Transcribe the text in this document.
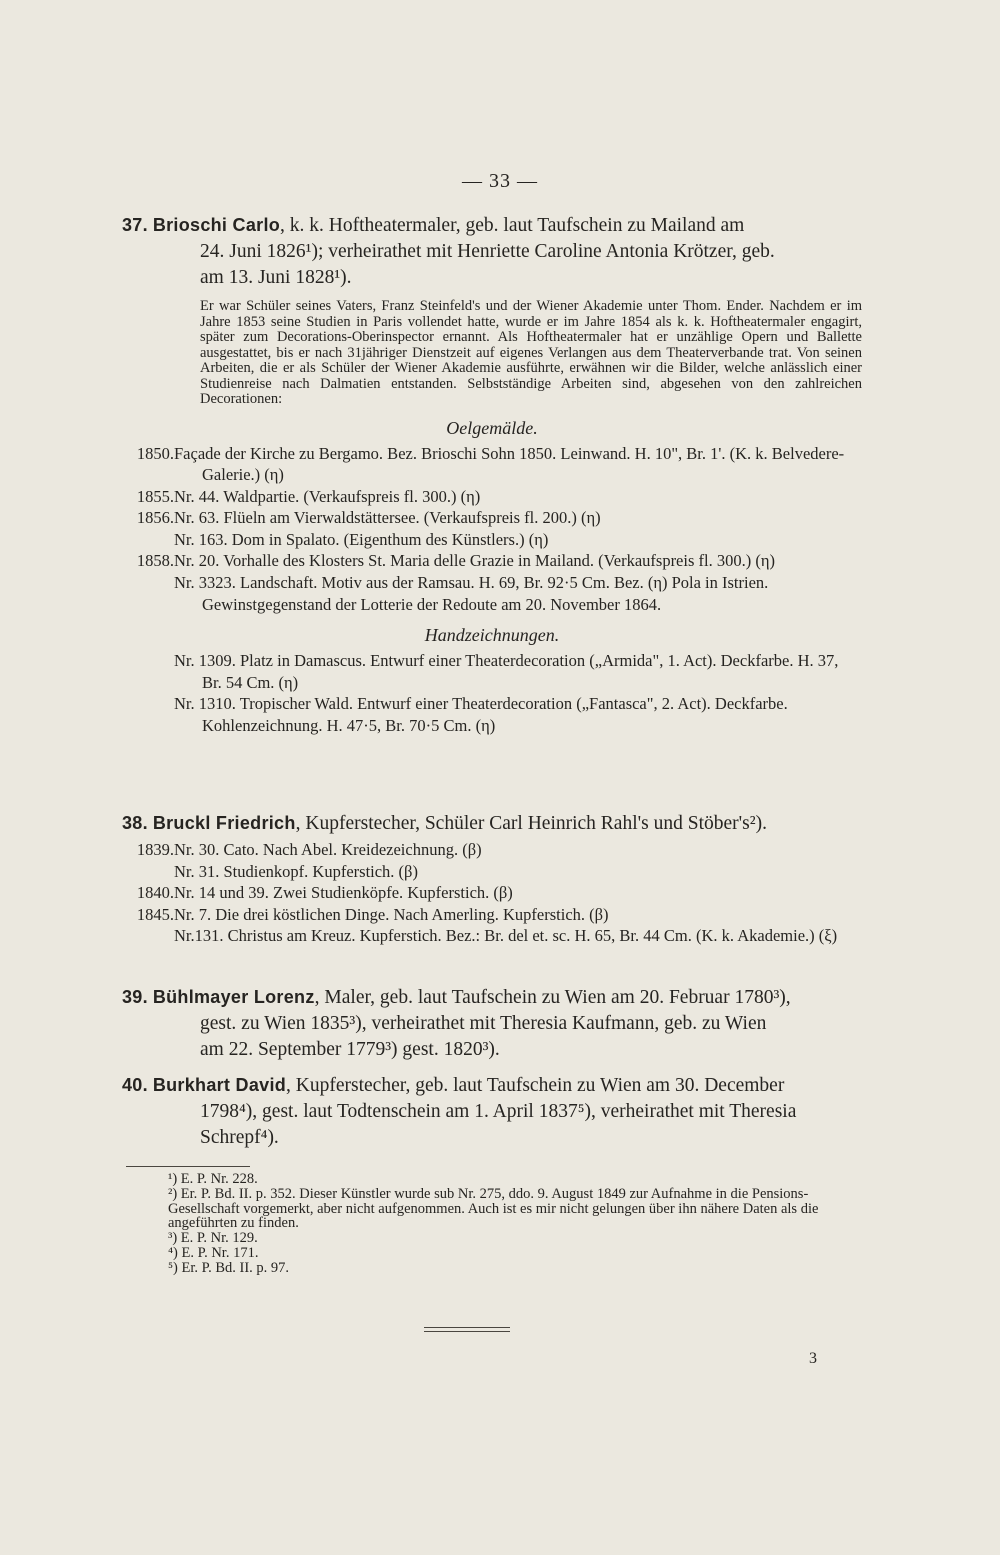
— 33 —
37. Brioschi Carlo, k. k. Hoftheatermaler, geb. laut Taufschein zu Mailand am
24. Juni 1826¹); verheirathet mit Henriette Caroline Antonia Krötzer, geb.
am 13. Juni 1828¹).
Er war Schüler seines Vaters, Franz Steinfeld's und der Wiener Akademie unter Thom. Ender. Nachdem er im Jahre 1853 seine Studien in Paris vollendet hatte, wurde er im Jahre 1854 als k. k. Hoftheatermaler engagirt, später zum Decorations-Oberinspector ernannt. Als Hoftheatermaler hat er unzählige Opern und Ballette ausgestattet, bis er nach 31jähriger Dienstzeit auf eigenes Verlangen aus dem Theaterverbande trat. Von seinen Arbeiten, die er als Schüler der Wiener Akademie ausführte, erwähnen wir die Bilder, welche anlässlich einer Studienreise nach Dalmatien entstanden. Selbstständige Arbeiten sind, abgesehen von den zahlreichen Decorationen:
Oelgemälde.
1850. Façade der Kirche zu Bergamo. Bez. Brioschi Sohn 1850. Leinwand. H. 10", Br. 1'. (K. k. Belvedere-Galerie.) (η)
1855. Nr. 44. Waldpartie. (Verkaufspreis fl. 300.) (η)
1856. Nr. 63. Flüeln am Vierwaldstättersee. (Verkaufspreis fl. 200.) (η)
Nr. 163. Dom in Spalato. (Eigenthum des Künstlers.) (η)
1858. Nr. 20. Vorhalle des Klosters St. Maria delle Grazie in Mailand. (Verkaufspreis fl. 300.) (η)
Nr. 3323. Landschaft. Motiv aus der Ramsau. H. 69, Br. 92·5 Cm. Bez. (η) Pola in Istrien. Gewinstgegenstand der Lotterie der Redoute am 20. November 1864.
Handzeichnungen.
Nr. 1309. Platz in Damascus. Entwurf einer Theaterdecoration („Armida", 1. Act). Deckfarbe. H. 37, Br. 54 Cm. (η)
Nr. 1310. Tropischer Wald. Entwurf einer Theaterdecoration („Fantasca", 2. Act). Deckfarbe. Kohlenzeichnung. H. 47·5, Br. 70·5 Cm. (η)
38. Bruckl Friedrich, Kupferstecher, Schüler Carl Heinrich Rahl's und Stöber's²).
1839. Nr. 30. Cato. Nach Abel. Kreidezeichnung. (β)
Nr. 31. Studienkopf. Kupferstich. (β)
1840. Nr. 14 und 39. Zwei Studienköpfe. Kupferstich. (β)
1845. Nr. 7. Die drei köstlichen Dinge. Nach Amerling. Kupferstich. (β)
Nr.131. Christus am Kreuz. Kupferstich. Bez.: Br. del et. sc. H. 65, Br. 44 Cm. (K. k. Akademie.) (ξ)
39. Bühlmayer Lorenz, Maler, geb. laut Taufschein zu Wien am 20. Februar 1780³),
gest. zu Wien 1835³), verheirathet mit Theresia Kaufmann, geb. zu Wien
am 22. September 1779³) gest. 1820³).
40. Burkhart David, Kupferstecher, geb. laut Taufschein zu Wien am 30. December
1798⁴), gest. laut Todtenschein am 1. April 1837⁵), verheirathet mit Theresia
Schrepf⁴).

¹) E. P. Nr. 228.

²) Er. P. Bd. II. p. 352. Dieser Künstler wurde sub Nr. 275, ddo. 9. August 1849 zur Aufnahme in die Pensions-Gesellschaft vorgemerkt, aber nicht aufgenommen. Auch ist es mir nicht gelungen über ihn nähere Daten als die angeführten zu finden.

³) E. P. Nr. 129.

⁴) E. P. Nr. 171.

⁵) Er. P. Bd. II. p. 97.

3
